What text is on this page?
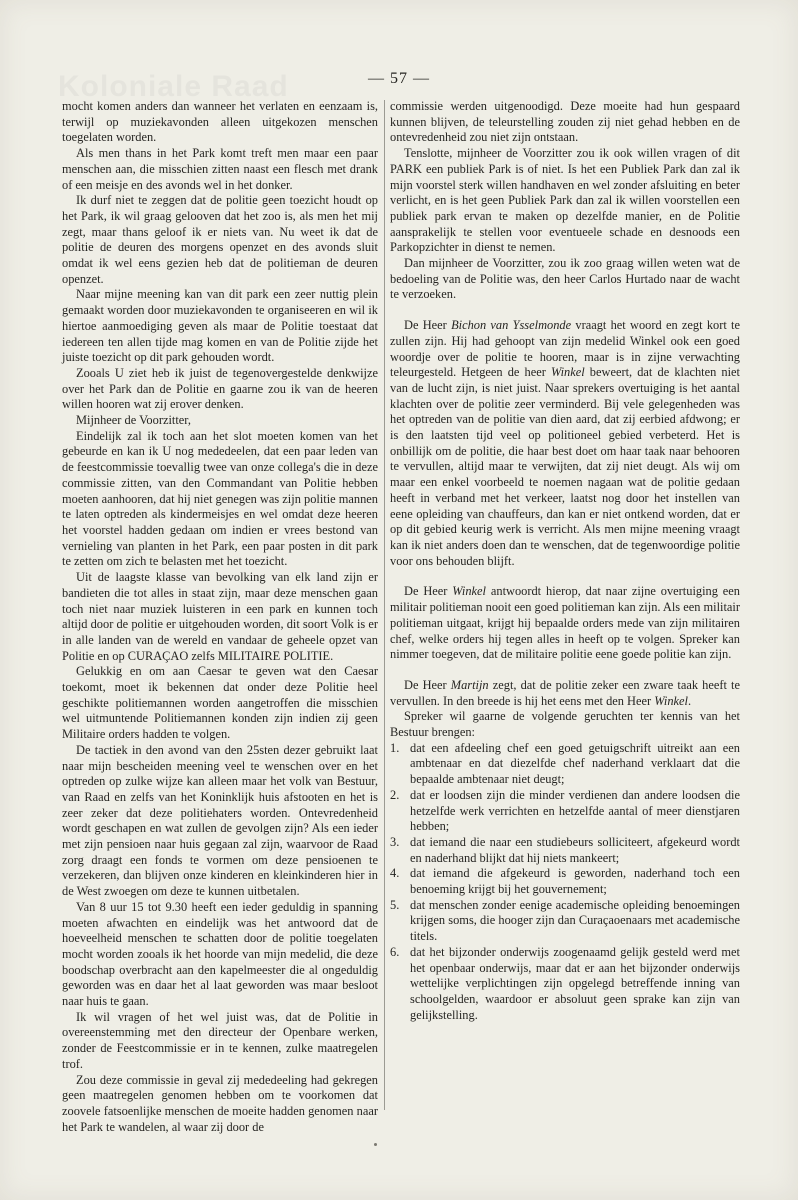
Koloniale Raad	— 57 —

mocht komen anders dan wanneer het verlaten en eenzaam is, terwijl op muziekavonden alleen uitgekozen menschen toegelaten worden.

Als men thans in het Park komt treft men maar een paar menschen aan, die misschien zitten naast een flesch met drank of een meisje en des avonds wel in het donker.

Ik durf niet te zeggen dat de politie geen toezicht houdt op het Park, ik wil graag gelooven dat het zoo is, als men het mij zegt, maar thans geloof ik er niets van. Nu weet ik dat de politie de deuren des morgens openzet en des avonds sluit omdat ik wel eens gezien heb dat de politieman de deuren openzet.

Naar mijne meening kan van dit park een zeer nuttig plein gemaakt worden door muziekavonden te organiseeren en wil ik hiertoe aanmoediging geven als maar de Politie toestaat dat iedereen ten allen tijde mag komen en van de Politie zijde het juiste toezicht op dit park gehouden wordt.

Zooals U ziet heb ik juist de tegenovergestelde denkwijze over het Park dan de Politie en gaarne zou ik van de heeren willen hooren wat zij erover denken.

Mijnheer de Voorzitter,

Eindelijk zal ik toch aan het slot moeten komen van het gebeurde en kan ik U nog mededeelen, dat een paar leden van de feestcommissie toevallig twee van onze collega's die in deze commissie zitten, van den Commandant van Politie hebben moeten aanhooren, dat hij niet genegen was zijn politie mannen te laten optreden als kindermeisjes en wel omdat deze heeren het voorstel hadden gedaan om indien er vrees bestond van vernieling van planten in het Park, een paar posten in dit park te zetten om zich te belasten met het toezicht.

Uit de laagste klasse van bevolking van elk land zijn er bandieten die tot alles in staat zijn, maar deze menschen gaan toch niet naar muziek luisteren in een park en kunnen toch altijd door de politie er uitgehouden worden, dit soort Volk is er in alle landen van de wereld en vandaar de geheele opzet van Politie en op CURAÇAO zelfs MILITAIRE POLITIE.

Gelukkig en om aan Caesar te geven wat den Caesar toekomt, moet ik bekennen dat onder deze Politie heel geschikte politiemannen worden aangetroffen die misschien wel uitmuntende Politiemannen konden zijn indien zij geen Militaire orders hadden te volgen.

De tactiek in den avond van den 25sten dezer gebruikt laat naar mijn bescheiden meening veel te wenschen over en het optreden op zulke wijze kan alleen maar het volk van Bestuur, van Raad en zelfs van het Koninklijk huis afstooten en het is zeer zeker dat deze politiehaters worden. Ontevredenheid wordt geschapen en wat zullen de gevolgen zijn? Als een ieder met zijn pensioen naar huis gegaan zal zijn, waarvoor de Raad zorg draagt een fonds te vormen om deze pensioenen te verzekeren, dan blijven onze kinderen en kleinkinderen hier in de West zwoegen om deze te kunnen uitbetalen.

Van 8 uur 15 tot 9.30 heeft een ieder geduldig in spanning moeten afwachten en eindelijk was het antwoord dat de hoeveelheid menschen te schatten door de politie toegelaten mocht worden zooals ik het hoorde van mijn medelid, die deze boodschap overbracht aan den kapelmeester die al ongeduldig geworden was en daar het al laat geworden was maar besloot naar huis te gaan.

Ik wil vragen of het wel juist was, dat de Politie in overeenstemming met den directeur der Openbare werken, zonder de Feestcommissie er in te kennen, zulke maatregelen trof.

Zou deze commissie in geval zij mededeeling had gekregen geen maatregelen genomen hebben om te voorkomen dat zoovele fatsoenlijke menschen de moeite hadden genomen naar het Park te wandelen, al waar zij door de

commissie werden uitgenoodigd. Deze moeite had hun gespaard kunnen blijven, de teleurstelling zouden zij niet gehad hebben en de ontevredenheid zou niet zijn ontstaan.

Tenslotte, mijnheer de Voorzitter zou ik ook willen vragen of dit PARK een publiek Park is of niet. Is het een Publiek Park dan zal ik mijn voorstel sterk willen handhaven en wel zonder afsluiting en beter verlicht, en is het geen Publiek Park dan zal ik willen voorstellen een publiek park ervan te maken op dezelfde manier, en de Politie aansprakelijk te stellen voor eventueele schade en desnoods een Parkopzichter in dienst te nemen.

Dan mijnheer de Voorzitter, zou ik zoo graag willen weten wat de bedoeling van de Politie was, den heer Carlos Hurtado naar de wacht te verzoeken.

De Heer Bichon van Ysselmonde vraagt het woord en zegt kort te zullen zijn. Hij had gehoopt van zijn medelid Winkel ook een goed woordje over de politie te hooren, maar is in zijne verwachting teleurgesteld. Hetgeen de heer Winkel beweert, dat de klachten niet van de lucht zijn, is niet juist. Naar sprekers overtuiging is het aantal klachten over de politie zeer verminderd. Bij vele gelegenheden was het optreden van de politie van dien aard, dat zij eerbied afdwong; er is den laatsten tijd veel op politioneel gebied verbeterd. Het is onbillijk om de politie, die haar best doet om haar taak naar behooren te vervullen, altijd maar te verwijten, dat zij niet deugt. Als wij om maar een enkel voorbeeld te noemen nagaan wat de politie gedaan heeft in verband met het verkeer, laatst nog door het instellen van eene opleiding van chauffeurs, dan kan er niet ontkend worden, dat er op dit gebied keurig werk is verricht. Als men mijne meening vraagt kan ik niet anders doen dan te wenschen, dat de tegenwoordige politie voor ons behouden blijft.

De Heer Winkel antwoordt hierop, dat naar zijne overtuiging een militair politieman nooit een goed politieman kan zijn. Als een militair politieman uitgaat, krijgt hij bepaalde orders mede van zijn militairen chef, welke orders hij tegen alles in heeft op te volgen. Spreker kan nimmer toegeven, dat de militaire politie eene goede politie kan zijn.

De Heer Martijn zegt, dat de politie zeker een zware taak heeft te vervullen. In den breede is hij het eens met den Heer Winkel.

Spreker wil gaarne de volgende geruchten ter kennis van het Bestuur brengen:

1. dat een afdeeling chef een goed getuigschrift uitreikt aan een ambtenaar en dat diezelfde chef naderhand verklaart dat die bepaalde ambtenaar niet deugt;
2. dat er loodsen zijn die minder verdienen dan andere loodsen die hetzelfde werk verrichten en hetzelfde aantal of meer dienstjaren hebben;
3. dat iemand die naar een studiebeurs solliciteert, afgekeurd wordt en naderhand blijkt dat hij niets mankeert;
4. dat iemand die afgekeurd is geworden, naderhand toch een benoeming krijgt bij het gouvernement;
5. dat menschen zonder eenige academische opleiding benoemingen krijgen soms, die hooger zijn dan Curaçaoenaars met academische titels.
6. dat het bijzonder onderwijs zoogenaamd gelijk gesteld werd met het openbaar onderwijs, maar dat er aan het bijzonder onderwijs wettelijke verplichtingen zijn opgelegd betreffende inning van schoolgelden, waardoor er absoluut geen sprake kan zijn van gelijkstelling.
